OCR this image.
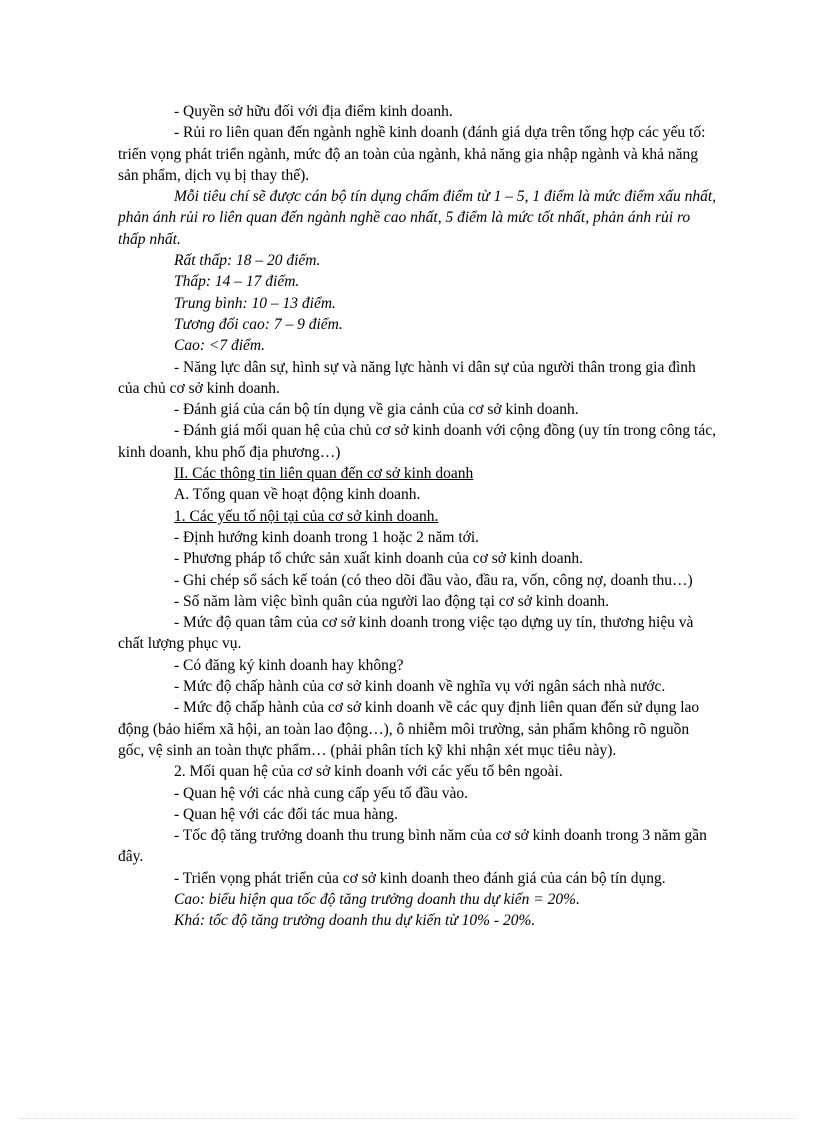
- Quyền sở hữu đối với địa điểm kinh doanh.

- Rủi ro liên quan đến ngành nghề kinh doanh (đánh giá dựa trên tổng hợp các yếu tố: triển vọng phát triển ngành, mức độ an toàn của ngành, khả năng gia nhập ngành và khả năng sản phẩm, dịch vụ bị thay thế).

Mỗi tiêu chí sẽ được cán bộ tín dụng chấm điểm từ 1 – 5, 1 điểm là mức điểm xấu nhất, phản ánh rủi ro liên quan đến ngành nghề cao nhất, 5 điểm là mức tốt nhất, phản ánh rủi ro thấp nhất.

Rất thấp: 18 – 20 điểm.

Thấp: 14 – 17 điểm.

Trung bình: 10 – 13 điểm.

Tương đối cao: 7 – 9 điểm.

Cao: <7 điểm.

- Năng lực dân sự, hình sự và năng lực hành vi dân sự của người thân trong gia đình của chủ cơ sở kinh doanh.

- Đánh giá của cán bộ tín dụng về gia cảnh của cơ sở kinh doanh.

- Đánh giá mối quan hệ của chủ cơ sở kinh doanh với cộng đồng (uy tín trong công tác, kinh doanh, khu phố địa phương…)

II. Các thông tin liên quan đến cơ sở kinh doanh

A. Tổng quan về hoạt động kinh doanh.

1. Các yếu tố nội tại của cơ sở kinh doanh.

- Định hướng kinh doanh trong 1 hoặc 2 năm tới.

- Phương pháp tổ chức sản xuất kinh doanh của cơ sở kinh doanh.

- Ghi chép sổ sách kế toán (có theo dõi đầu vào, đầu ra, vốn, công nợ, doanh thu…)

- Số năm làm việc bình quân của người lao động tại cơ sở kinh doanh.

- Mức độ quan tâm của cơ sở kinh doanh trong việc tạo dựng uy tín, thương hiệu và chất lượng phục vụ.

- Có đăng ký kinh doanh hay không?

- Mức độ chấp hành của cơ sở kinh doanh về nghĩa vụ với ngân sách nhà nước.

- Mức độ chấp hành của cơ sở kinh doanh về các quy định liên quan đến sử dụng lao động (bảo hiểm xã hội, an toàn lao động…), ô nhiễm môi trường, sản phẩm không rõ nguồn gốc, vệ sinh an toàn thực phẩm… (phải phân tích kỹ khi nhận xét mục tiêu này).

2. Mối quan hệ của cơ sở kinh doanh với các yếu tố bên ngoài.

- Quan hệ với các nhà cung cấp yếu tố đầu vào.

- Quan hệ với các đối tác mua hàng.

- Tốc độ tăng trưởng doanh thu trung bình năm của cơ sở kinh doanh trong 3 năm gần đây.

- Triển vọng phát triển của cơ sở kinh doanh theo đánh giá của cán bộ tín dụng.

Cao: biểu hiện qua tốc độ tăng trưởng doanh thu dự kiến = 20%.

Khá: tốc độ tăng trưởng doanh thu dự kiến từ 10% - 20%.
